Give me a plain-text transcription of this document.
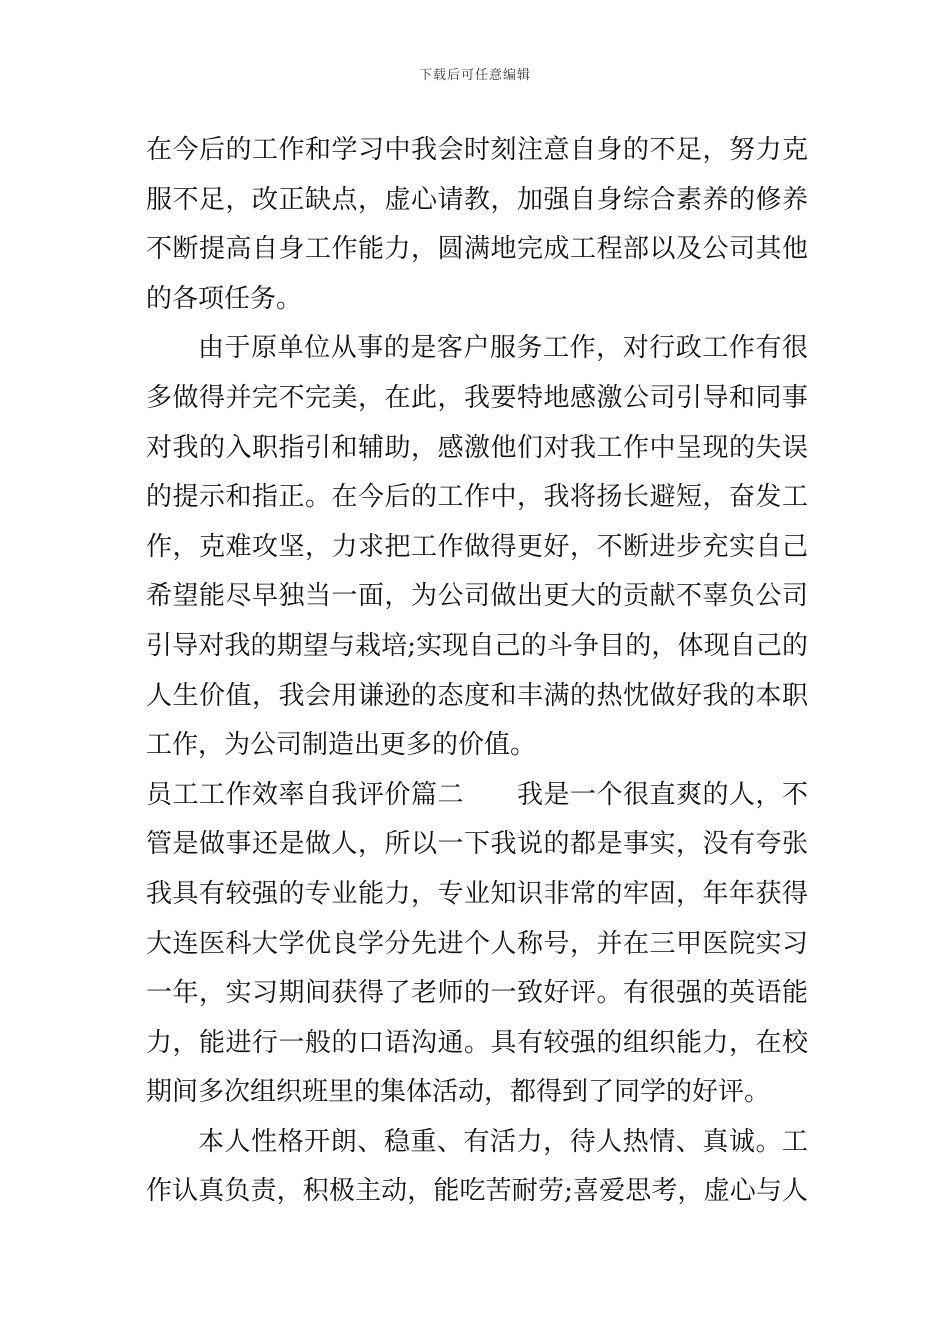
下载后可任意编辑
在今后的工作和学习中我会时刻注意自身的不足，努力克
服不足，改正缺点，虚心请教，加强自身综合素养的修养
不断提高自身工作能力，圆满地完成工程部以及公司其他
的各项任务。
由于原单位从事的是客户服务工作，对行政工作有很
多做得并完不完美，在此，我要特地感激公司引导和同事
对我的入职指引和辅助，感激他们对我工作中呈现的失误
的提示和指正。在今后的工作中，我将扬长避短，奋发工
作，克难攻坚，力求把工作做得更好，不断进步充实自己
希望能尽早独当一面，为公司做出更大的贡献不辜负公司
引导对我的期望与栽培;实现自己的斗争目的，体现自己的
人生价值，我会用谦逊的态度和丰满的热忱做好我的本职
工作，为公司制造出更多的价值。
员工工作效率自我评价篇二　　我是一个很直爽的人，不
管是做事还是做人，所以一下我说的都是事实，没有夸张
我具有较强的专业能力，专业知识非常的牢固，年年获得
大连医科大学优良学分先进个人称号，并在三甲医院实习
一年，实习期间获得了老师的一致好评。有很强的英语能
力，能进行一般的口语沟通。具有较强的组织能力，在校
期间多次组织班里的集体活动，都得到了同学的好评。
本人性格开朗、稳重、有活力，待人热情、真诚。工
作认真负责，积极主动，能吃苦耐劳;喜爱思考，虚心与人
